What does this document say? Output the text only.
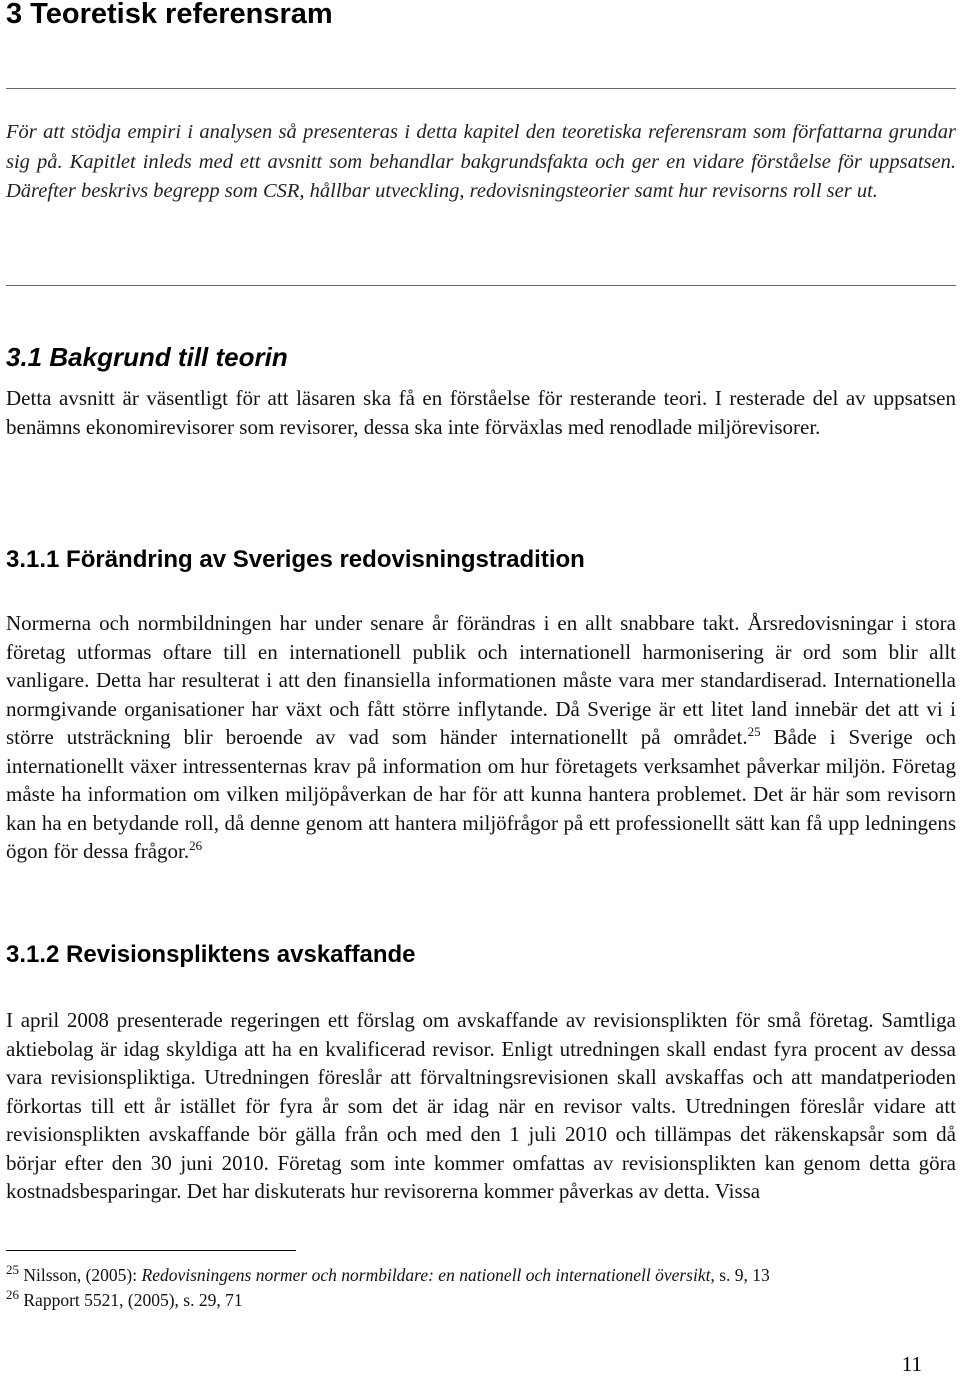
3 Teoretisk referensram

För att stödja empiri i analysen så presenteras i detta kapitel den teoretiska referensram som författarna grundar sig på. Kapitlet inleds med ett avsnitt som behandlar bakgrundsfakta och ger en vidare förståelse för uppsatsen. Därefter beskrivs begrepp som CSR, hållbar utveckling, redovisningsteorier samt hur revisorns roll ser ut.

3.1 Bakgrund till teorin

Detta avsnitt är väsentligt för att läsaren ska få en förståelse för resterande teori. I resterade del av uppsatsen benämns ekonomirevisorer som revisorer, dessa ska inte förväxlas med renodlade miljörevisorer.

3.1.1 Förändring av Sveriges redovisningstradition

Normerna och normbildningen har under senare år förändras i en allt snabbare takt. Årsredovisningar i stora företag utformas oftare till en internationell publik och internationell harmonisering är ord som blir allt vanligare. Detta har resulterat i att den finansiella informationen måste vara mer standardiserad. Internationella normgivande organisationer har växt och fått större inflytande. Då Sverige är ett litet land innebär det att vi i större utsträckning blir beroende av vad som händer internationellt på området.$^{25}$ Både i Sverige och internationellt växer intressenternas krav på information om hur företagets verksamhet påverkar miljön. Företag måste ha information om vilken miljöpåverkan de har för att kunna hantera problemet. Det är här som revisorn kan ha en betydande roll, då denne genom att hantera miljöfrågor på ett professionellt sätt kan få upp ledningens ögon för dessa frågor.$^{26}$

3.1.2 Revisionspliktens avskaffande

I april 2008 presenterade regeringen ett förslag om avskaffande av revisionsplikten för små företag. Samtliga aktiebolag är idag skyldiga att ha en kvalificerad revisor. Enligt utredningen skall endast fyra procent av dessa vara revisionspliktiga. Utredningen föreslår att förvaltningsrevisionen skall avskaffas och att mandatperioden förkortas till ett år istället för fyra år som det är idag när en revisor valts. Utredningen föreslår vidare att revisionsplikten avskaffande bör gälla från och med den 1 juli 2010 och tillämpas det räkenskapsår som då börjar efter den 30 juni 2010. Företag som inte kommer omfattas av revisionsplikten kan genom detta göra kostnadsbesparingar. Det har diskuterats hur revisorerna kommer påverkas av detta. Vissa

$^{25}$ Nilsson, (2005): Redovisningens normer och normbildare: en nationell och internationell översikt, s. 9, 13

$^{26}$ Rapport 5521, (2005), s. 29, 71

11
